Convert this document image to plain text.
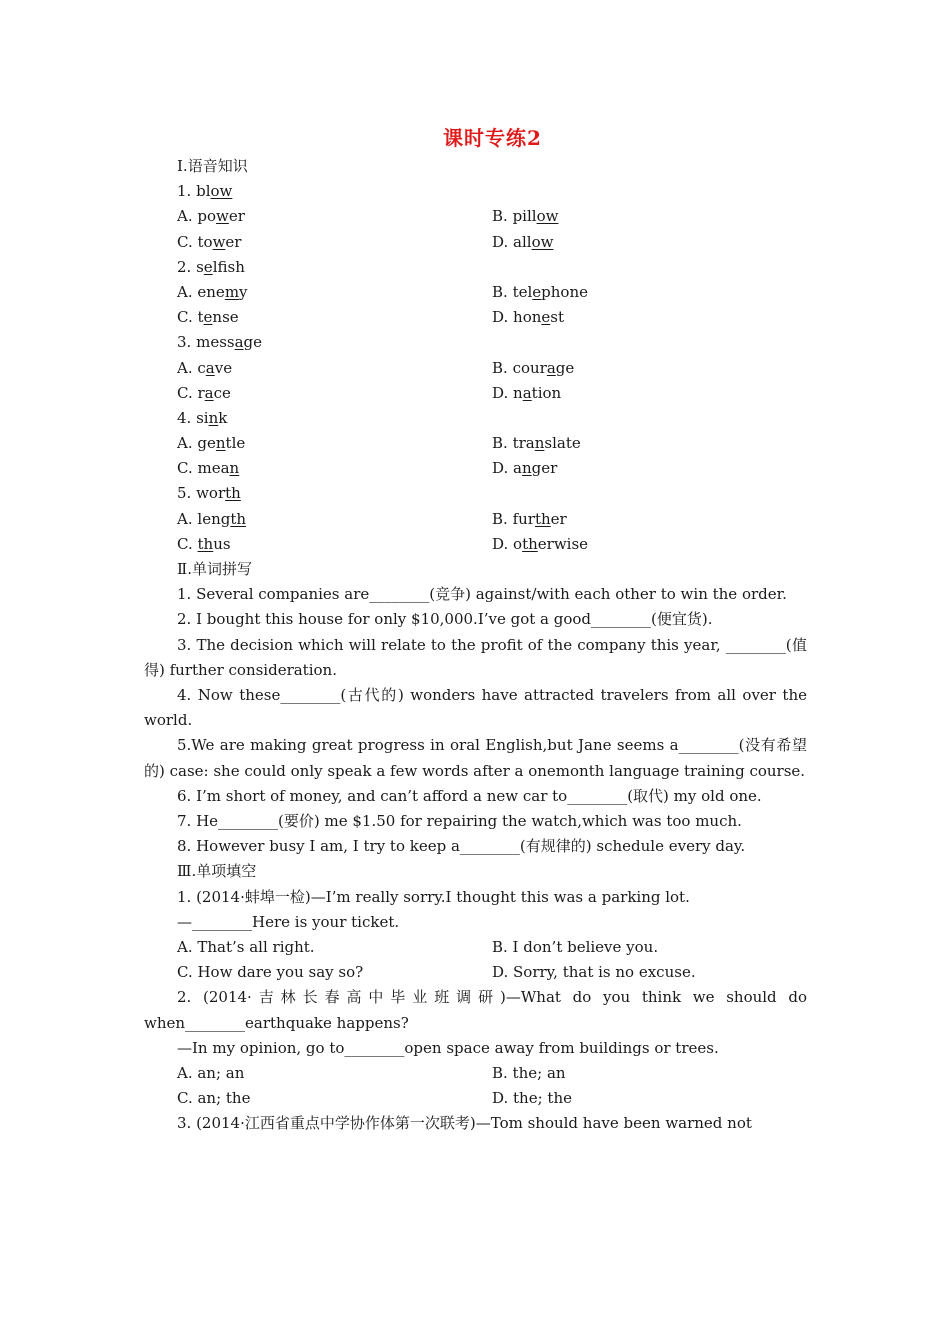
课时专练2
Ⅰ.语音知识
1. blow
A. power	B. pillow
C. tower	D. allow
2. selfish
A. enemy	B. telephone
C. tense	D. honest
3. message
A. cave	B. courage
C. race	D. nation
4. sink
A. gentle	B. translate
C. mean	D. anger
5. worth
A. length	B. further
C. thus	D. otherwise
Ⅱ.单词拼写
1. Several companies are________(竞争) against/with each other to win the order.
2. I bought this house for only $10,000.I’ve got a good________(便宜货).
3. The decision which will relate to the profit of the company this year, ________(值得) further consideration.
4. Now these________(古代的) wonders have attracted travelers from all over the world.
5.We are making great progress in oral English,but Jane seems a________(没有希望的) case: she could only speak a few words after a onemonth language training course.
6. I’m short of money, and can’t afford a new car to________(取代) my old one.
7. He________(要价) me $1.50 for repairing the watch,which was too much.
8. However busy I am, I try to keep a________(有规律的) schedule every day.
Ⅲ.单项填空
1. (2014·蚌埠一检)—I’m really sorry.I thought this was a parking lot.
—________Here is your ticket.
A. That’s all right.	B. I don’t believe you.
C. How dare you say so?	D. Sorry, that is no excuse.
2. (2014·吉林长春高中毕业班调研)—What do you think we should do when________earthquake happens?
—In my opinion, go to________open space away from buildings or trees.
A. an; an	B. the; an
C. an; the	D. the; the
3. (2014·江西省重点中学协作体第一次联考)—Tom should have been warned not
